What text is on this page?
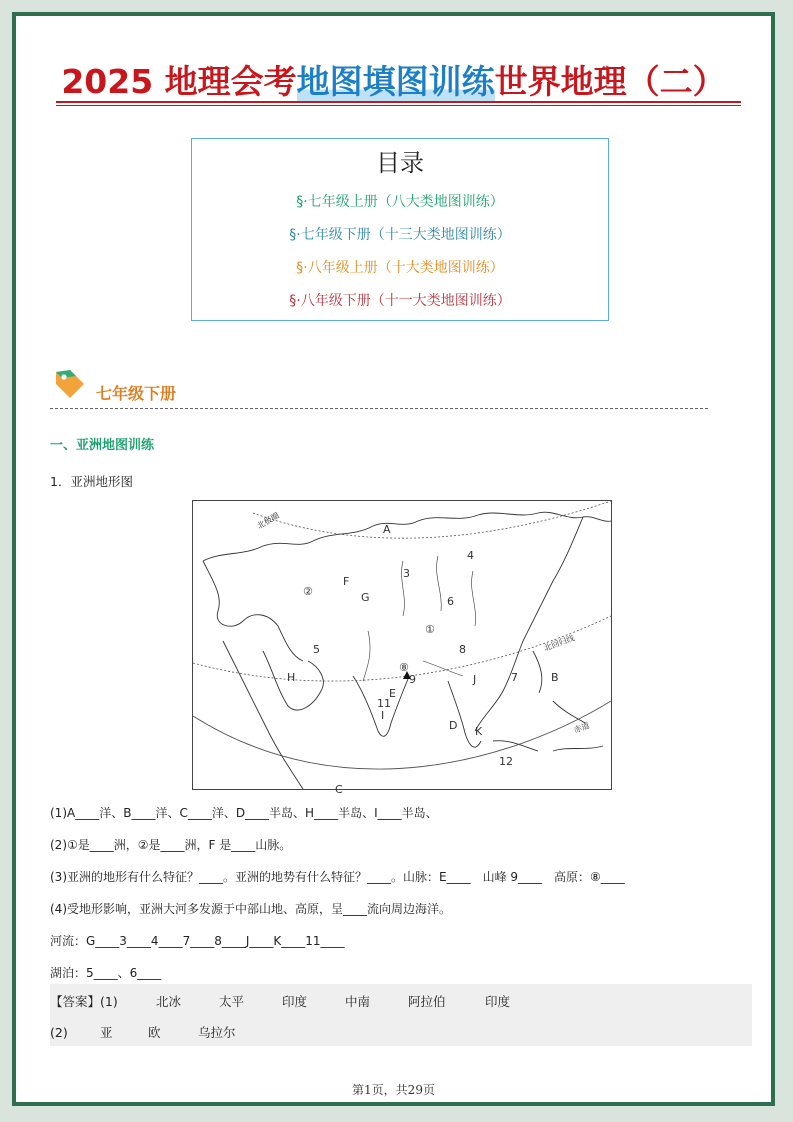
2025 地理会考地图填图训练世界地理（二）
目录
§·七年级上册（八大类地图训练）
§·七年级下册（十三大类地图训练）
§·八年级上册（十大类地图训练）
§·八年级下册（十一大类地图训练）
七年级下册
一、亚洲地图训练
1．亚洲地形图
北极圈
北回归线
赤道
A
B
C
D
E
F
G
H
I
J
K
①
②
⑧
3
4
5
6
7
8
9
11
12
(1)A____洋、B____洋、C____洋、D____半岛、H____半岛、I____半岛、
(2)①是____洲，②是____洲，F 是____山脉。
(3)亚洲的地形有什么特征？____。亚洲的地势有什么特征？____。山脉：E____　山峰 9____　高原：⑧____
(4)受地形影响，亚洲大河多发源于中部山地、高原，呈____流向周边海洋。
河流：G____3____4____7____8____J____K____11____
湖泊：5____、6____
【答案】(1)	北冰	太平	印度	中南	阿拉伯	印度
(2)	亚	欧	乌拉尔
第1页，共29页
